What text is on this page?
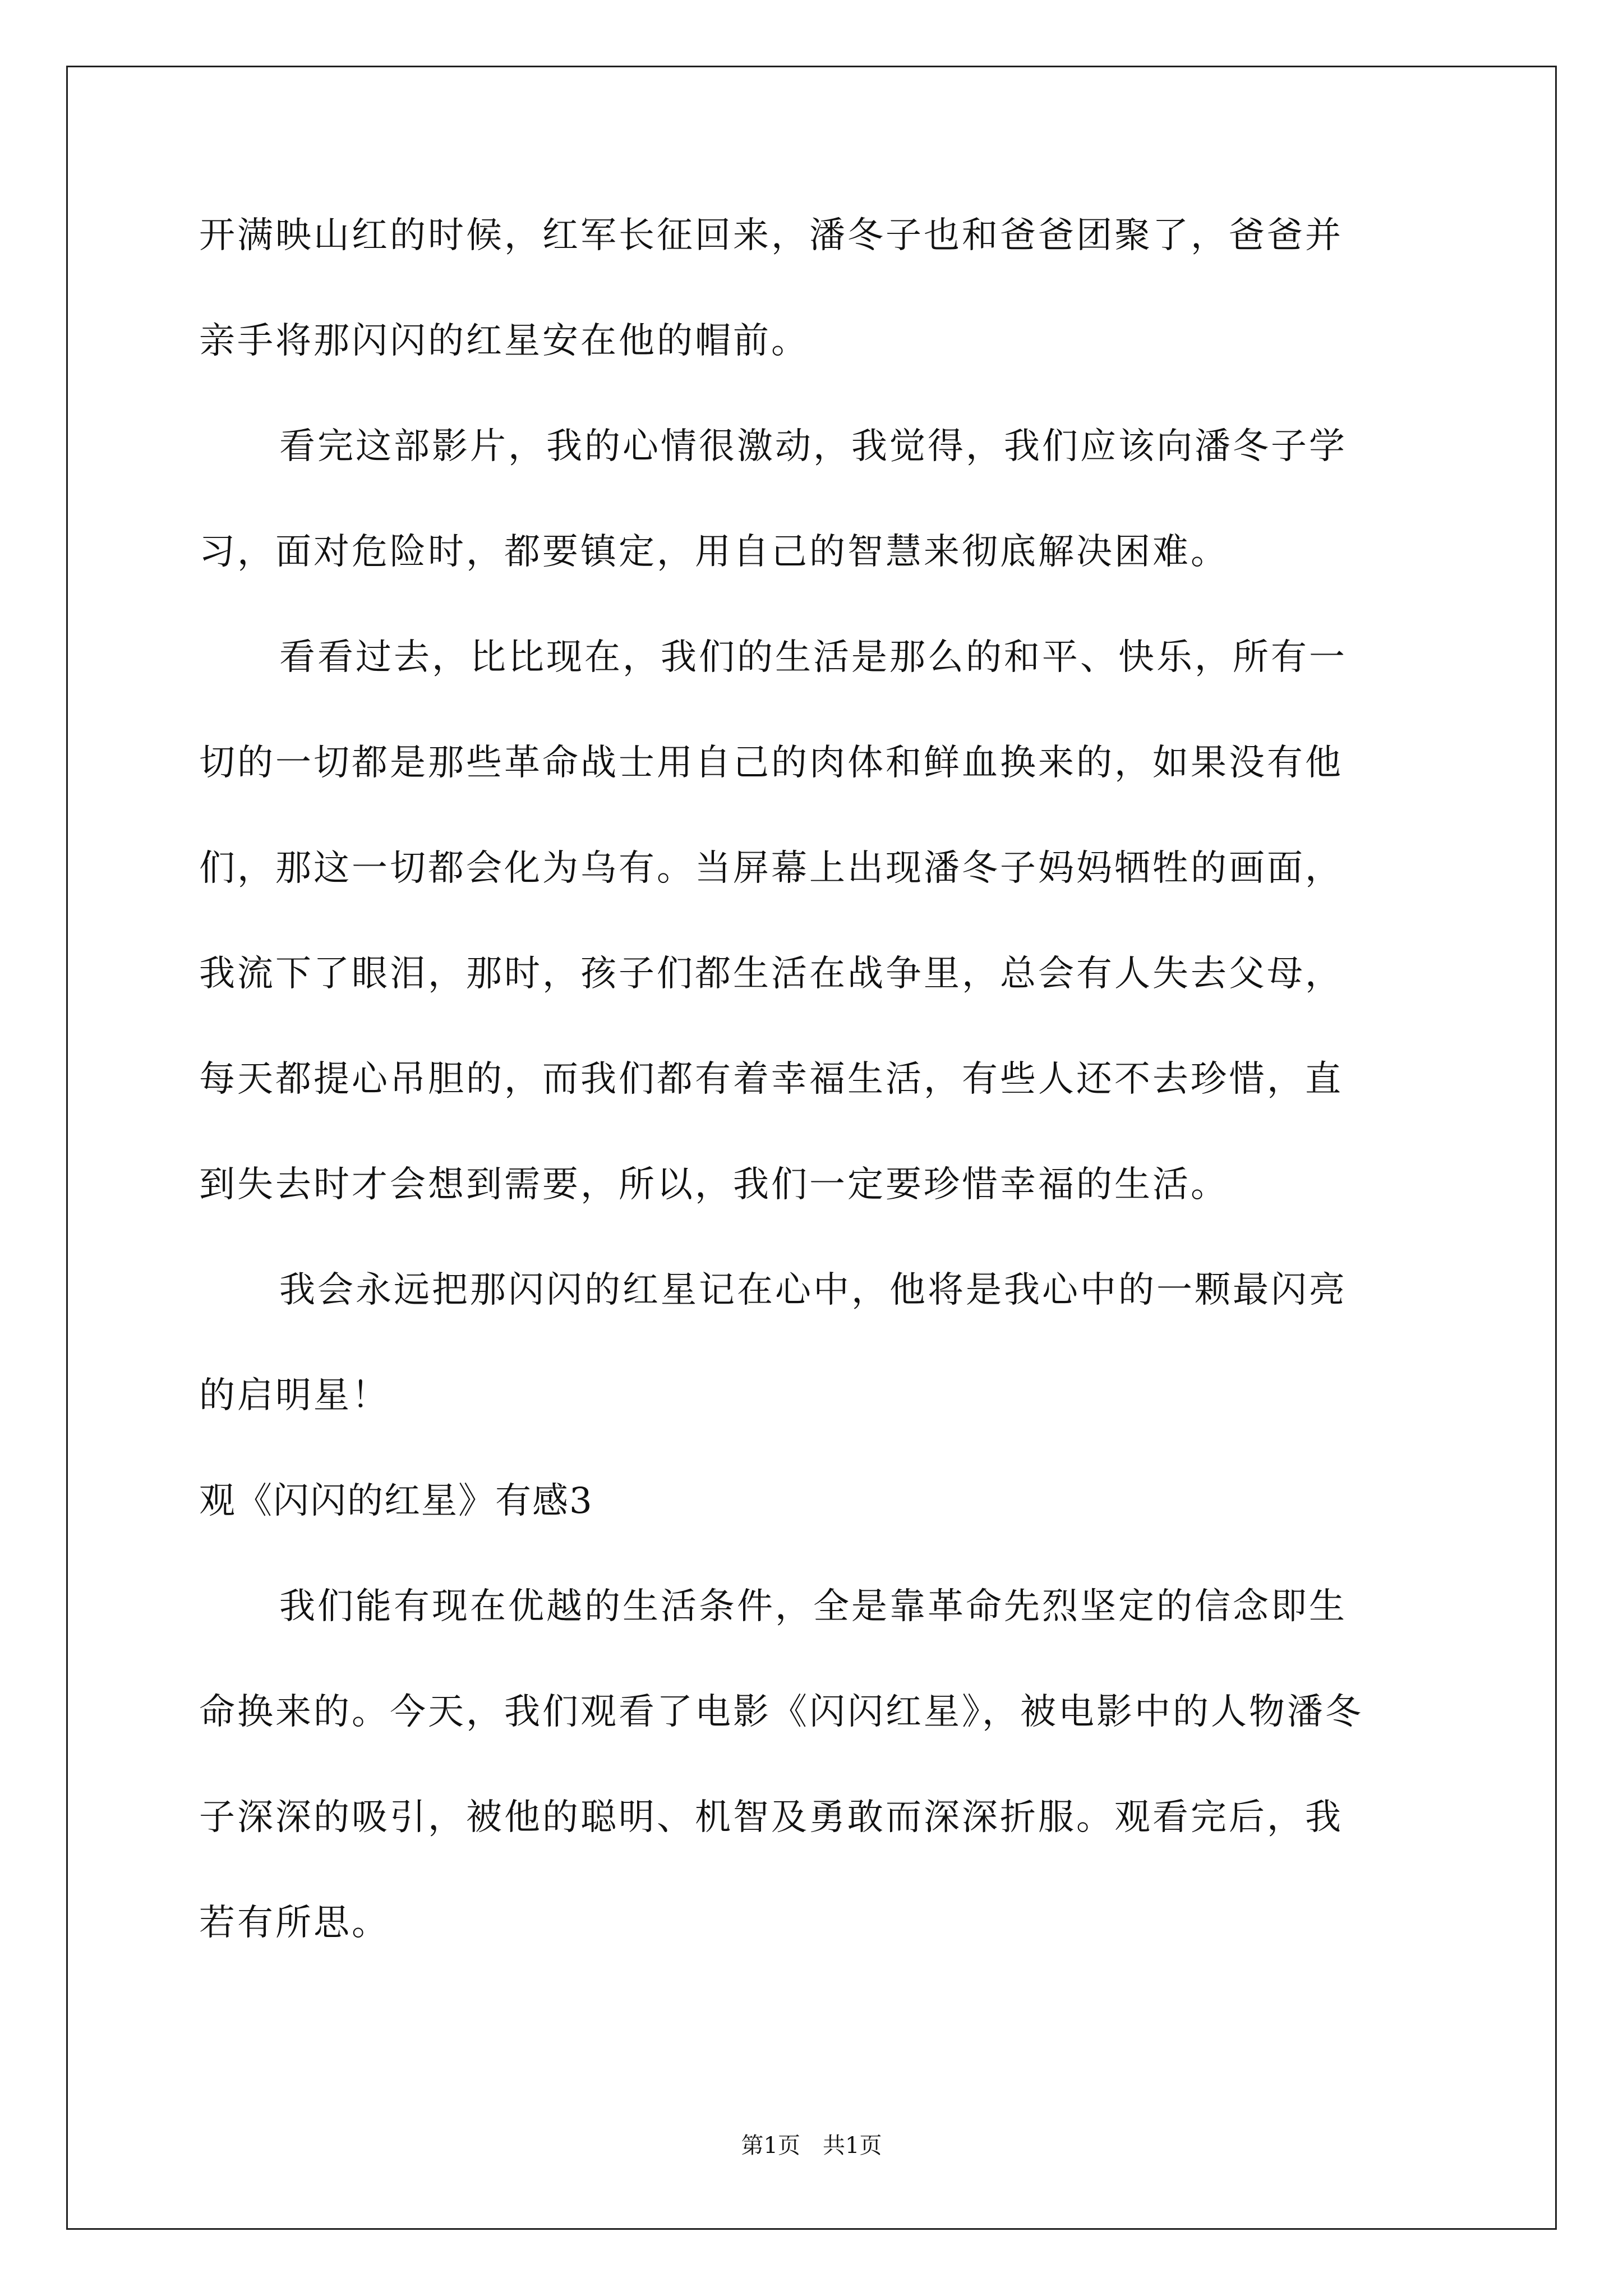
开满映山红的时候，红军长征回来，潘冬子也和爸爸团聚了，爸爸并
亲手将那闪闪的红星安在他的帽前。
看完这部影片，我的心情很激动，我觉得，我们应该向潘冬子学
习，面对危险时，都要镇定，用自己的智慧来彻底解决困难。
看看过去，比比现在，我们的生活是那么的和平、快乐，所有一
切的一切都是那些革命战士用自己的肉体和鲜血换来的，如果没有他
们，那这一切都会化为乌有。当屏幕上出现潘冬子妈妈牺牲的画面，
我流下了眼泪，那时，孩子们都生活在战争里，总会有人失去父母，
每天都提心吊胆的，而我们都有着幸福生活，有些人还不去珍惜，直
到失去时才会想到需要，所以，我们一定要珍惜幸福的生活。
我会永远把那闪闪的红星记在心中，他将是我心中的一颗最闪亮
的启明星！
观《闪闪的红星》有感3
我们能有现在优越的生活条件，全是靠革命先烈坚定的信念即生
命换来的。今天，我们观看了电影《闪闪红星》，被电影中的人物潘冬
子深深的吸引，被他的聪明、机智及勇敢而深深折服。观看完后，我
若有所思。
第1页　共1页
